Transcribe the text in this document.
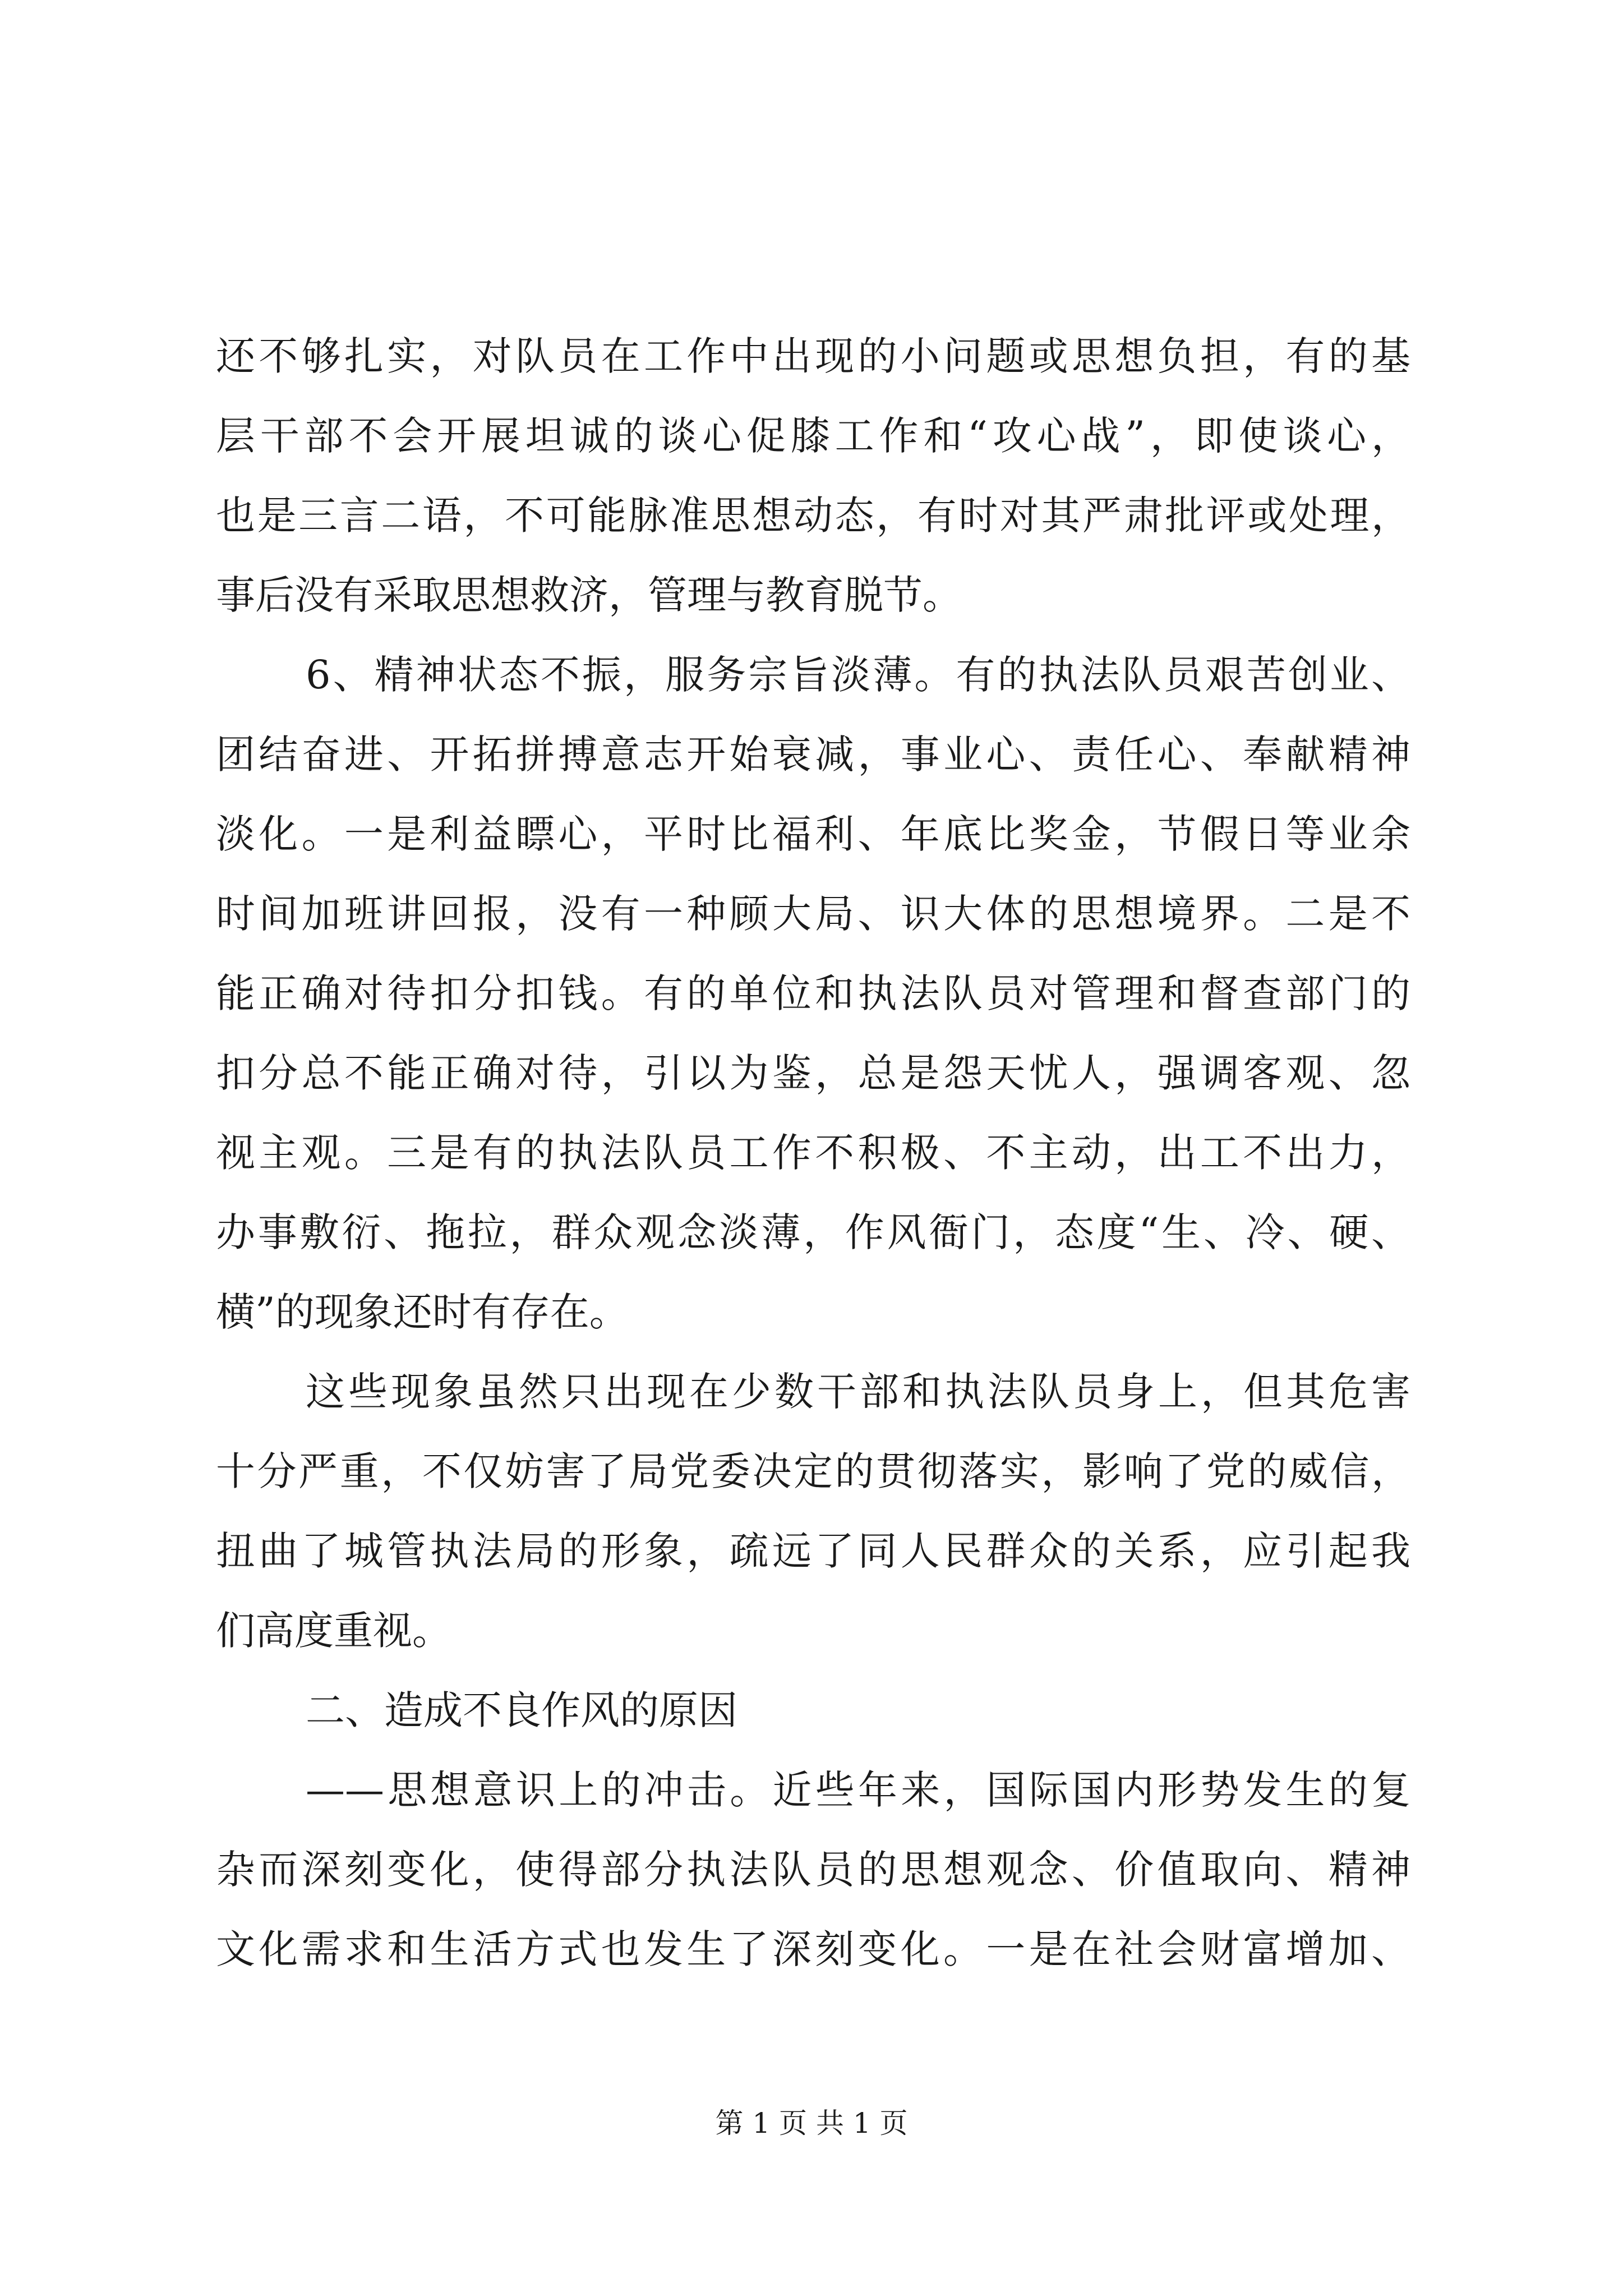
还不够扎实，对队员在工作中出现的小问题或思想负担，有的基
层干部不会开展坦诚的谈心促膝工作和“攻心战”，即使谈心，
也是三言二语，不可能脉准思想动态，有时对其严肃批评或处理，
事后没有采取思想救济，管理与教育脱节。
6、精神状态不振，服务宗旨淡薄。有的执法队员艰苦创业、
团结奋进、开拓拼搏意志开始衰减，事业心、责任心、奉献精神
淡化。一是利益瞟心，平时比福利、年底比奖金，节假日等业余
时间加班讲回报，没有一种顾大局、识大体的思想境界。二是不
能正确对待扣分扣钱。有的单位和执法队员对管理和督查部门的
扣分总不能正确对待，引以为鉴，总是怨天忧人，强调客观、忽
视主观。三是有的执法队员工作不积极、不主动，出工不出力，
办事敷衍、拖拉，群众观念淡薄，作风衙门，态度“生、冷、硬、
横”的现象还时有存在。
这些现象虽然只出现在少数干部和执法队员身上，但其危害
十分严重，不仅妨害了局党委决定的贯彻落实，影响了党的威信，
扭曲了城管执法局的形象，疏远了同人民群众的关系，应引起我
们高度重视。
二、造成不良作风的原因
——思想意识上的冲击。近些年来，国际国内形势发生的复
杂而深刻变化，使得部分执法队员的思想观念、价值取向、精神
文化需求和生活方式也发生了深刻变化。一是在社会财富增加、
第 1 页 共 1 页
